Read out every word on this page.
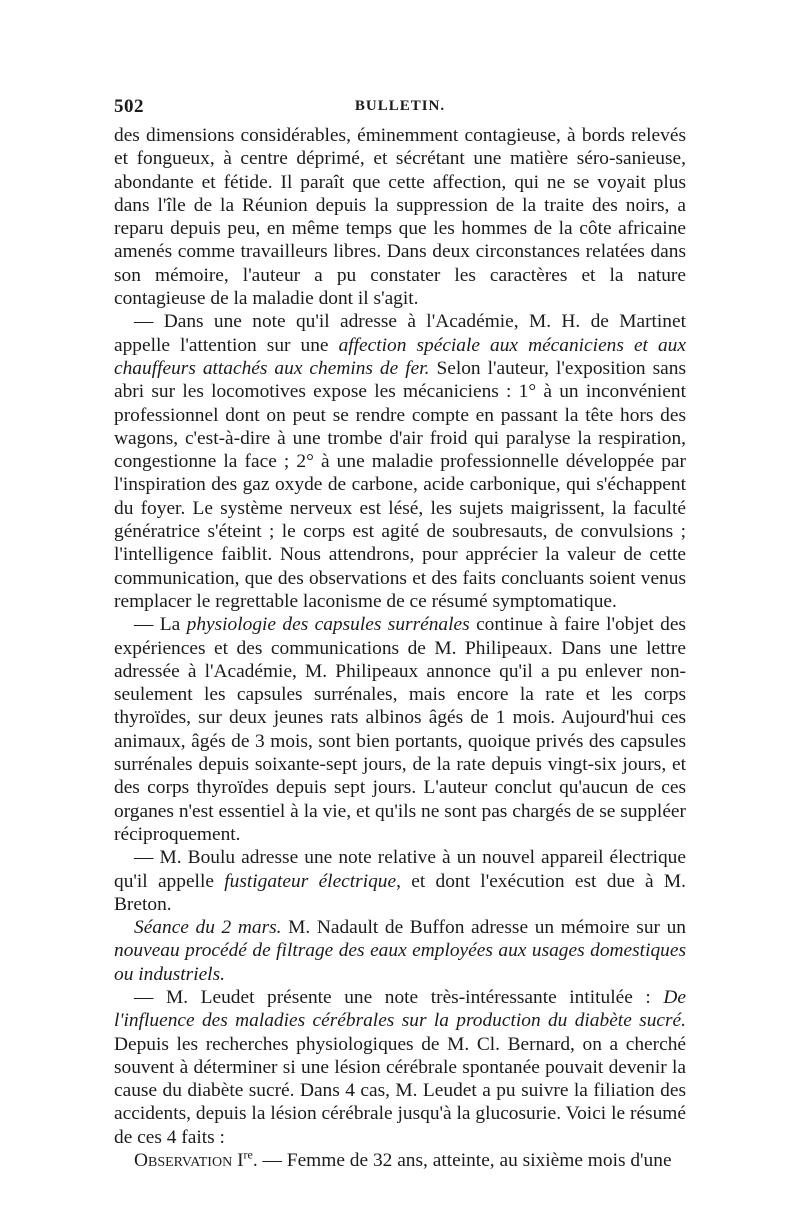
502	BULLETIN.

des dimensions considérables, éminemment contagieuse, à bords relevés et fongueux, à centre déprimé, et sécrétant une matière séro-sanieuse, abondante et fétide. Il paraît que cette affection, qui ne se voyait plus dans l'île de la Réunion depuis la suppression de la traite des noirs, a reparu depuis peu, en même temps que les hommes de la côte africaine amenés comme travailleurs libres. Dans deux circonstances relatées dans son mémoire, l'auteur a pu constater les caractères et la nature contagieuse de la maladie dont il s'agit.

— Dans une note qu'il adresse à l'Académie, M. H. de Martinet appelle l'attention sur une affection spéciale aux mécaniciens et aux chauffeurs attachés aux chemins de fer. Selon l'auteur, l'exposition sans abri sur les locomotives expose les mécaniciens : 1° à un inconvénient professionnel dont on peut se rendre compte en passant la tête hors des wagons, c'est-à-dire à une trombe d'air froid qui paralyse la respiration, congestionne la face ; 2° à une maladie professionnelle développée par l'inspiration des gaz oxyde de carbone, acide carbonique, qui s'échappent du foyer. Le système nerveux est lésé, les sujets maigrissent, la faculté génératrice s'éteint ; le corps est agité de soubresauts, de convulsions ; l'intelligence faiblit. Nous attendrons, pour apprécier la valeur de cette communication, que des observations et des faits concluants soient venus remplacer le regrettable laconisme de ce résumé symptomatique.

— La physiologie des capsules surrénales continue à faire l'objet des expériences et des communications de M. Philipeaux. Dans une lettre adressée à l'Académie, M. Philipeaux annonce qu'il a pu enlever non-seulement les capsules surrénales, mais encore la rate et les corps thyroïdes, sur deux jeunes rats albinos âgés de 1 mois. Aujourd'hui ces animaux, âgés de 3 mois, sont bien portants, quoique privés des capsules surrénales depuis soixante-sept jours, de la rate depuis vingt-six jours, et des corps thyroïdes depuis sept jours. L'auteur conclut qu'aucun de ces organes n'est essentiel à la vie, et qu'ils ne sont pas chargés de se suppléer réciproquement.

— M. Boulu adresse une note relative à un nouvel appareil électrique qu'il appelle fustigateur électrique, et dont l'exécution est due à M. Breton.

Séance du 2 mars. M. Nadault de Buffon adresse un mémoire sur un nouveau procédé de filtrage des eaux employées aux usages domestiques ou industriels.

— M. Leudet présente une note très-intéressante intitulée : De l'influence des maladies cérébrales sur la production du diabète sucré. Depuis les recherches physiologiques de M. Cl. Bernard, on a cherché souvent à déterminer si une lésion cérébrale spontanée pouvait devenir la cause du diabète sucré. Dans 4 cas, M. Leudet a pu suivre la filiation des accidents, depuis la lésion cérébrale jusqu'à la glucosurie. Voici le résumé de ces 4 faits :

Observation Ire. — Femme de 32 ans, atteinte, au sixième mois d'une
